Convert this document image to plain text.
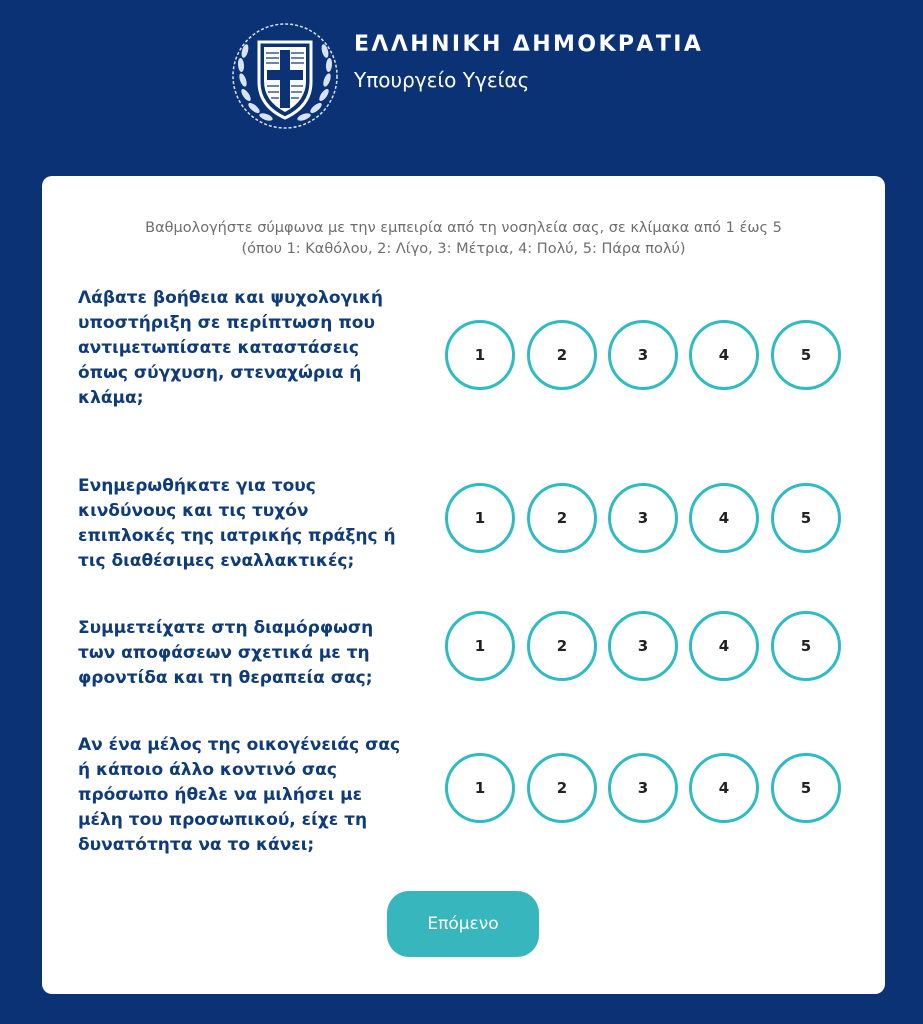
ΕΛΛΗΝΙΚΗ ΔΗΜΟΚΡΑΤΙΑ
Υπουργείο Υγείας
Βαθμολογήστε σύμφωνα με την εμπειρία από τη νοσηλεία σας, σε κλίμακα από 1 έως 5
(όπου 1: Καθόλου, 2: Λίγο, 3: Μέτρια, 4: Πολύ, 5: Πάρα πολύ)
Λάβατε βοήθεια και ψυχολογική υποστήριξη σε περίπτωση που αντιμετωπίσατε καταστάσεις όπως σύγχυση, στεναχώρια ή κλάμα;
1	2	3	4	5
Ενημερωθήκατε για τους κινδύνους και τις τυχόν επιπλοκές της ιατρικής πράξης ή τις διαθέσιμες εναλλακτικές;
1	2	3	4	5
Συμμετείχατε στη διαμόρφωση των αποφάσεων σχετικά με τη φροντίδα και τη θεραπεία σας;
1	2	3	4	5
Αν ένα μέλος της οικογένειάς σας ή κάποιο άλλο κοντινό σας πρόσωπο ήθελε να μιλήσει με μέλη του προσωπικού, είχε τη δυνατότητα να το κάνει;
1	2	3	4	5
Επόμενο
